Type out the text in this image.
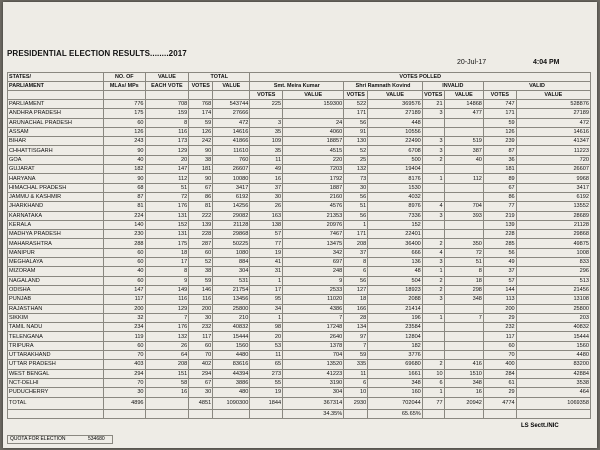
PRESIDENTIAL ELECTION RESULTS........2017
20-Jul-17	4:04 PM
STATES/	NO. OF	VALUE	TOTAL		VOTES POLLED							
PARLIAMENT	MLAs/ MPs	EACH VOTE	VOTES	VALUE	Smt. Meira Kumar		Shri Ramnath Kovind		INVALID		VALID	
					VOTES	VALUE	VOTES	VALUE	VOTES	VALUE	VOTES	VALUE
PARLIAMENT	776	708	768	543744	225	159300	522	369576	21	14868	747	528876
ANDHRA PRADESH	175	159	174	27666			171	27189	3	477	171	27189
ARUNACHAL PRADESH	60	8	59	472	3	24	56	448			59	472
ASSAM	126	116	126	14616	35	4060	91	10556			126	14616
BIHAR	243	173	242	41866	109	18857	130	22490	3	519	239	41347
CHHATTISGARH	90	129	90	11610	35	4515	52	6708	3	387	87	11223
GOA	40	20	38	760	11	220	25	500	2	40	36	720
GUJARAT	182	147	181	26607	49	7203	132	19404			181	26607
HARYANA	90	112	90	10080	16	1792	73	8176	1	112	89	9968
HIMACHAL PRADESH	68	51	67	3417	37	1887	30	1530			67	3417
JAMMU & KASHMIR	87	72	86	6192	30	2160	56	4032			86	6192
JHARKHAND	81	176	81	14256	26	4576	51	8976	4	704	77	13552
KARNATAKA	224	131	222	29082	163	21353	56	7336	3	393	219	28689
KERALA	140	152	139	21128	138	20976	1	152			139	21128
MADHYA PRADESH	230	131	228	29868	57	7467	171	22401			228	29868
MAHARASHTRA	288	175	287	50225	77	13475	208	36400	2	350	285	49875
MANIPUR	60	18	60	1080	19	342	37	666	4	72	56	1008
MEGHALAYA	60	17	52	884	41	697	8	136	3	51	49	833
MIZORAM	40	8	38	304	31	248	6	48	1	8	37	296
NAGALAND	60	9	59	531	1	9	56	504	2	18	57	513
ODISHA	147	149	146	21754	17	2533	127	18923	2	298	144	21456
PUNJAB	117	116	116	13456	95	11020	18	2088	3	348	113	13108
RAJASTHAN	200	129	200	25800	34	4386	166	21414			200	25800
SIKKIM	32	7	30	210	1	7	28	196	1	7	29	203
TAMIL NADU	234	176	232	40832	98	17248	134	23584			232	40832
TELENGANA	119	132	117	15444	20	2640	97	12804			117	15444
TRIPURA	60	26	60	1560	53	1378	7	182			60	1560
UTTARAKHAND	70	64	70	4480	11	704	59	3776			70	4480
UTTAR PRADESH	403	208	402	83616	65	13520	335	69680	2	416	400	83200
WEST BENGAL	294	151	294	44394	273	41223	11	1661	10	1510	284	42884
NCT-DELHI	70	58	67	3886	55	3190	6	348	6	348	61	3538
PUDUCHERRY	30	16	30	480	19	304	10	160	1	16	29	464
TOTAL	4896		4851	1090300	1844	367314	2930	702044	77	20942	4774	1069358
						34.35%		65.65%				
LS Sectt./NIC
QUOTA FOR ELECTION	534680
